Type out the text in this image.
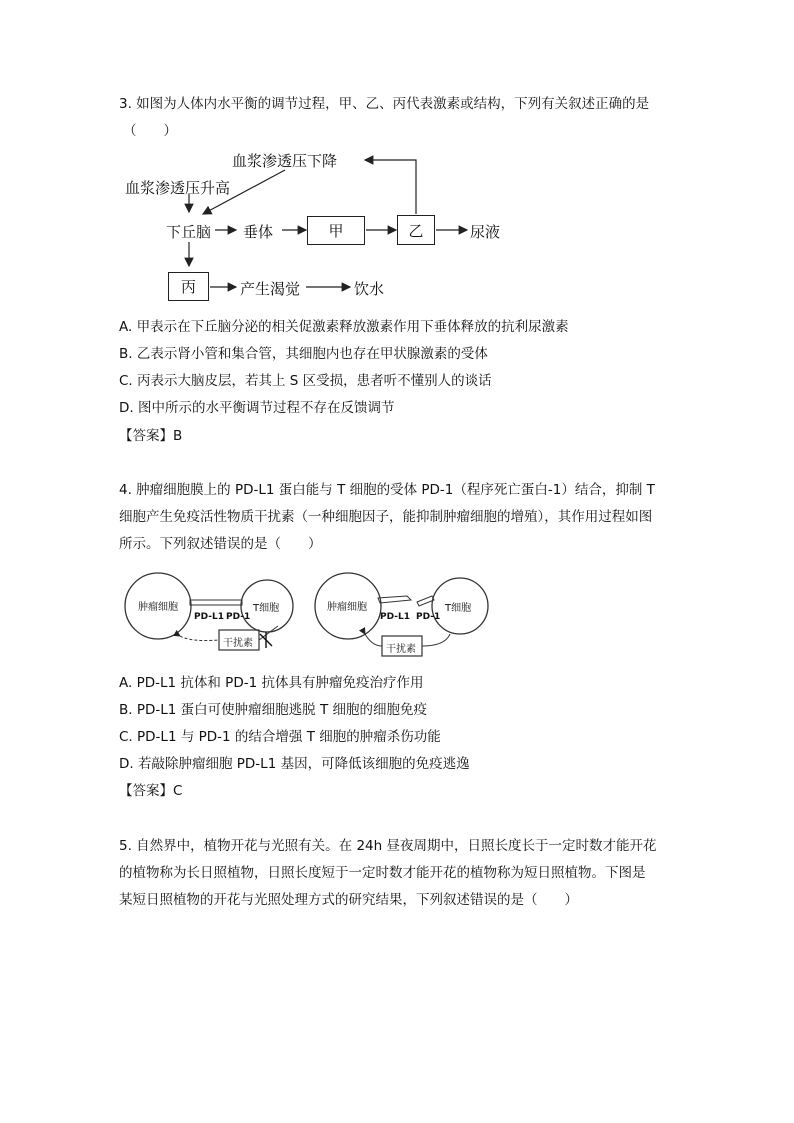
3. 如图为人体内水平衡的调节过程，甲、乙、丙代表激素或结构，下列有关叙述正确的是
（　　）
血浆渗透压下降
血浆渗透压升高
下丘脑 垂体	甲	乙	尿液
丙	产生渴觉	饮水
A. 甲表示在下丘脑分泌的相关促激素释放激素作用下垂体释放的抗利尿激素
B. 乙表示肾小管和集合管，其细胞内也存在甲状腺激素的受体
C. 丙表示大脑皮层，若其上 S 区受损，患者听不懂别人的谈话
D. 图中所示的水平衡调节过程不存在反馈调节
【答案】B
4. 肿瘤细胞膜上的 PD-L1 蛋白能与 T 细胞的受体 PD-1（程序死亡蛋白-1）结合，抑制 T
细胞产生免疫活性物质干扰素（一种细胞因子，能抑制肿瘤细胞的增殖），其作用过程如图
所示。下列叙述错误的是（　　）
肿瘤细胞	T细胞
PD-L1 PD-1
干扰素
肿瘤细胞	T细胞
PD-L1 PD-1
干扰素
A. PD-L1 抗体和 PD-1 抗体具有肿瘤免疫治疗作用
B. PD-L1 蛋白可使肿瘤细胞逃脱 T 细胞的细胞免疫
C. PD-L1 与 PD-1 的结合增强 T 细胞的肿瘤杀伤功能
D. 若敲除肿瘤细胞 PD-L1 基因，可降低该细胞的免疫逃逸
【答案】C
5. 自然界中，植物开花与光照有关。在 24h 昼夜周期中，日照长度长于一定时数才能开花
的植物称为长日照植物，日照长度短于一定时数才能开花的植物称为短日照植物。下图是
某短日照植物的开花与光照处理方式的研究结果，下列叙述错误的是（　　）
